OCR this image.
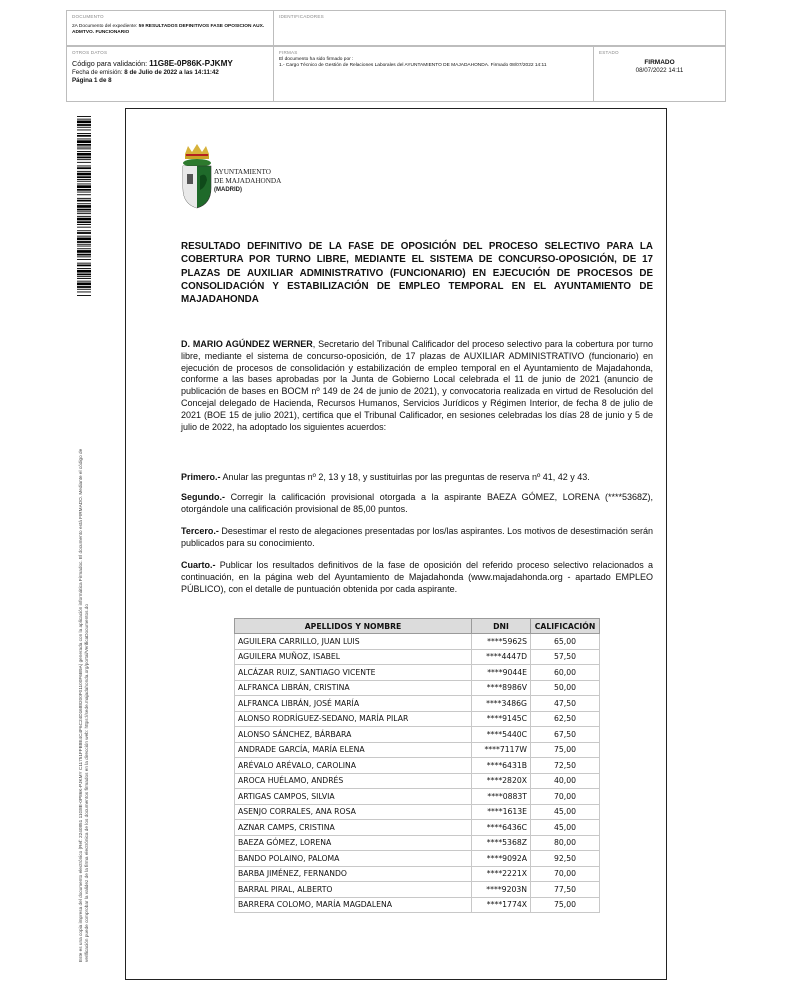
DOCUMENTO
2A Documento del expediente: 59 RESULTADOS DEFINITIVOS FASE OPOSICION AUX. ADMTVO. FUNCIONARIO
IDENTIFICADORES
OTROS DATOS
Código para validación: 11G8E-0P86K-PJKMY
Fecha de emisión: 8 de Julio de 2022 a las 14:11:42
Página 1 de 8
FIRMAS
El documento ha sido firmado por :
1.- Cargo Técnico de Gestión de Relaciones Laborales del AYUNTAMIENTO DE MAJADAHONDA. Firmado 08/07/2022 14:11
ESTADO
FIRMADO
08/07/2022 14:11
Este es una copia impresa del documento electrónico (Ref: 2240851 11G8E-0P86K-PJKMY C11751FFB8E4C4F6C24D1688200F01100F6B9A) generada con la aplicación informática Firmadoc. El documento está FIRMADO. Mediante el código de verificación puede comprobar la validez de la firma electrónica de los documentos firmados en la dirección web: https://sede.majadahonda.org/portal/VerificaDocumentos.do
AYUNTAMIENTO
DE MAJADAHONDA
(MADRID)
RESULTADO DEFINITIVO DE LA FASE DE OPOSICIÓN DEL PROCESO SELECTIVO PARA LA COBERTURA POR TURNO LIBRE, MEDIANTE EL SISTEMA DE CONCURSO-OPOSICIÓN, DE 17 PLAZAS DE AUXILIAR ADMINISTRATIVO (FUNCIONARIO) EN EJECUCIÓN DE PROCESOS DE CONSOLIDACIÓN Y ESTABILIZACIÓN DE EMPLEO TEMPORAL EN EL AYUNTAMIENTO DE MAJADAHONDA
D. MARIO AGÚNDEZ WERNER, Secretario del Tribunal Calificador del proceso selectivo para la cobertura por turno libre, mediante el sistema de concurso-oposición, de 17 plazas de AUXILIAR ADMINISTRATIVO (funcionario) en ejecución de procesos de consolidación y estabilización de empleo temporal en el Ayuntamiento de Majadahonda, conforme a las bases aprobadas por la Junta de Gobierno Local celebrada el 11 de junio de 2021 (anuncio de publicación de bases en BOCM nº 149 de 24 de junio de 2021), y convocatoria realizada en virtud de Resolución del Concejal delegado de Hacienda, Recursos Humanos, Servicios Jurídicos y Régimen Interior, de fecha 8 de julio de 2021 (BOE 15 de julio 2021), certifica que el Tribunal Calificador, en sesiones celebradas los días 28 de junio y 5 de julio de 2022, ha adoptado los siguientes acuerdos:
Primero.- Anular las preguntas nº 2, 13 y 18, y sustituirlas por las preguntas de reserva nº 41, 42 y 43.
Segundo.- Corregir la calificación provisional otorgada a la aspirante BAEZA GÓMEZ, LORENA (****5368Z), otorgándole una calificación provisional de 85,00 puntos.
Tercero.- Desestimar el resto de alegaciones presentadas por los/las aspirantes. Los motivos de desestimación serán publicados para su conocimiento.
Cuarto.- Publicar los resultados definitivos de la fase de oposición del referido proceso selectivo relacionados a continuación, en la página web del Ayuntamiento de Majadahonda (www.majadahonda.org - apartado EMPLEO PÚBLICO), con el detalle de puntuación obtenida por cada aspirante.
APELLIDOS Y NOMBRE	DNI	CALIFICACIÓN
AGUILERA CARRILLO, JUAN LUIS	****5962S	65,00
AGUILERA MUÑOZ, ISABEL	****4447D	57,50
ALCÁZAR RUIZ, SANTIAGO VICENTE	****9044E	60,00
ALFRANCA LIBRÁN, CRISTINA	****8986V	50,00
ALFRANCA LIBRÁN, JOSÉ MARÍA	****3486G	47,50
ALONSO RODRÍGUEZ-SEDANO, MARÍA PILAR	****9145C	62,50
ALONSO SÁNCHEZ, BÁRBARA	****5440C	67,50
ANDRADE GARCÍA, MARÍA ELENA	****7117W	75,00
ARÉVALO ARÉVALO, CAROLINA	****6431B	72,50
AROCA HUÉLAMO, ANDRÉS	****2820X	40,00
ARTIGAS CAMPOS, SILVIA	****0883T	70,00
ASENJO CORRALES, ANA ROSA	****1613E	45,00
AZNAR CAMPS, CRISTINA	****6436C	45,00
BAEZA GÓMEZ, LORENA	****5368Z	80,00
BANDO POLAINO, PALOMA	****9092A	92,50
BARBA JIMÉNEZ, FERNANDO	****2221X	70,00
BARRAL PIRAL, ALBERTO	****9203N	77,50
BARRERA COLOMO, MARÍA MAGDALENA	****1774X	75,00
